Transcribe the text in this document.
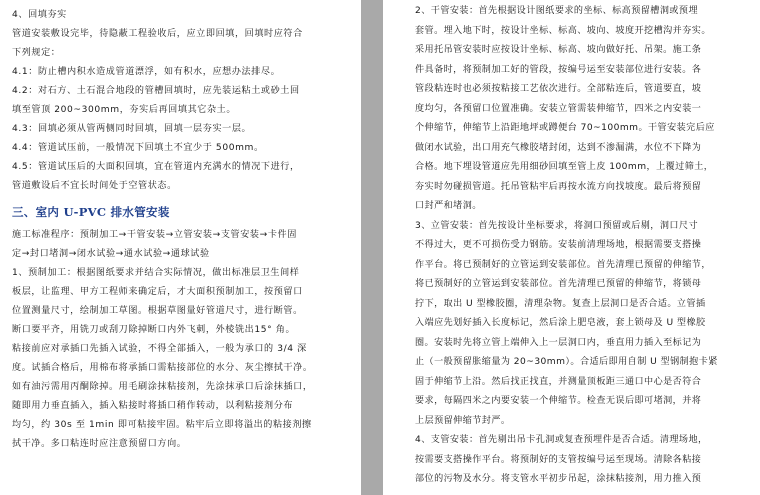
4、回填夯实
管道安装敷设完毕，待隐蔽工程验收后，应立即回填，回填时应符合
下列规定：
4.1：防止槽内积水造成管道漂浮，如有积水，应想办法排尽。
4.2：对石方、土石混合地段的管槽回填时，应先装运粘土或砂土回
填至管顶 200~300mm，夯实后再回填其它杂土。
4.3：回填必须从管两侧同时回填，回填一层夯实一层。
4.4：管道试压前，一般情况下回填土不宜少于 500mm。
4.5：管道试压后的大面积回填，宜在管道内充满水的情况下进行，
管道敷设后不宜长时间处于空管状态。
三、室内 U-PVC 排水管安装
施工标准程序：预制加工→干管安装→立管安装→支管安装→卡件固
定→封口堵洞→闭水试验→通水试验→通球试验
1、预制加工：根据图纸要求并结合实际情况，做出标准层卫生间样
板层，让监理、甲方工程师来确定后，才大面积预制加工，按预留口
位置测量尺寸，绘制加工草图。根据草图量好管道尺寸，进行断管。
断口要平齐，用铣刀或刮刀除掉断口内外飞刺，外棱铣出15° 角。
粘接前应对承插口先插入试验，不得全部插入，一般为承口的 3/4 深
度。试插合格后，用棉布将承插口需粘接部位的水分、灰尘擦拭干净。
如有油污需用丙酮除掉。用毛刷涂抹粘接剂，先涂抹承口后涂抹插口，
随即用力垂直插入，插入粘接时将插口稍作转动，以利粘接剂分布
均匀，约 30s 至 1min 即可粘接牢固。粘牢后立即将溢出的粘接剂擦
拭干净。多口粘连时应注意预留口方向。
2、干管安装：首先根据设计图纸要求的坐标、标高预留槽洞或预埋
套管。埋入地下时，按设计坐标、标高、坡向、坡度开挖槽沟并夯实。
采用托吊管安装时应按设计坐标、标高、坡向做好托、吊架。施工条
件具备时，将预制加工好的管段，按编号运至安装部位进行安装。各
管段粘连时也必须按粘接工艺依次进行。全部粘连后，管道要直，坡
度均匀，各预留口位置准确。安装立管需装伸缩节，四米之内安装一
个伸缩节，伸缩节上沿距地坪或蹲便台 70~100mm。干管安装完后应
做闭水试验，出口用充气橡胶堵封闭，达到不渗漏满，水位不下降为
合格。地下埋设管道应先用细砂回填至管上皮 100mm，上覆过筛土，
夯实时勿碰损管道。托吊管粘牢后再按水流方向找坡度。最后将预留
口封严和堵洞。
3、立管安装：首先按设计坐标要求，将洞口预留或后剔，洞口尺寸
不得过大，更不可损伤受力钢筋。安装前清理场地，根据需要支搭操
作平台。将已预制好的立管运到安装部位。首先清理已预留的伸缩节，
将已预制好的立管运到安装部位。首先清理已预留的伸缩节，将锁母
拧下，取出 U 型橡胶圈，清理杂物。复查上层洞口是否合适。立管插
入端应先划好插入长度标记，然后涂上肥皂液，套上锁母及 U 型橡胶
圈。安装时先将立管上端伸入上一层洞口内，垂直用力插入至标记为
止（一般预留胀缩量为 20~30mm）。合适后即用自制 U 型钢制抱卡紧
固于伸缩节上沿。然后找正找直，并测量顶板距三通口中心是否符合
要求，每隔四米之内要安装一个伸缩节。检查无误后即可堵洞，并将
上层预留伸缩节封严。
4、支管安装：首先剔出吊卡孔洞或复查预埋件是否合适。清理场地，
按需要支搭操作平台。将预制好的支管按编号运至现场。清除各粘接
部位的污物及水分。将支管水平初步吊起，涂抹粘接剂，用力推入预
